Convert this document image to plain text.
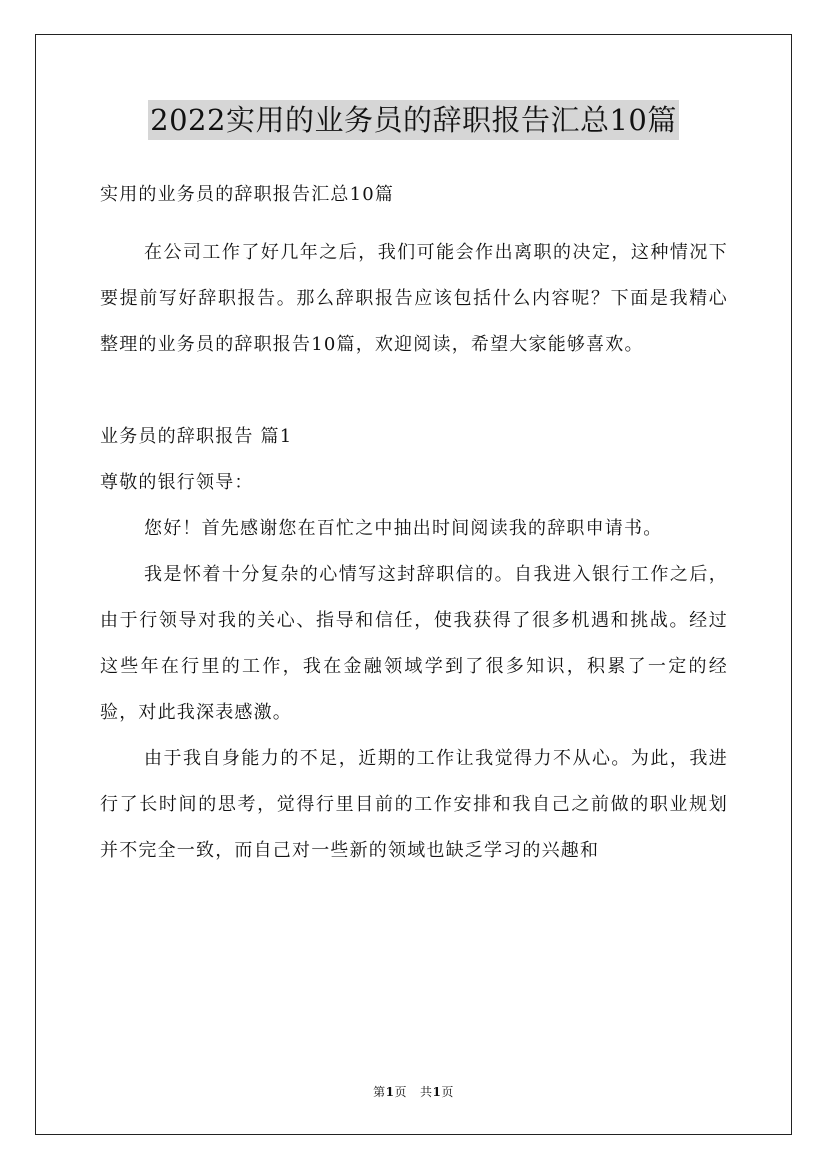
2022实用的业务员的辞职报告汇总10篇

实用的业务员的辞职报告汇总10篇

在公司工作了好几年之后，我们可能会作出离职的决定，这种情况下要提前写好辞职报告。那么辞职报告应该包括什么内容呢？下面是我精心整理的业务员的辞职报告10篇，欢迎阅读，希望大家能够喜欢。

业务员的辞职报告 篇1

尊敬的银行领导：

您好！首先感谢您在百忙之中抽出时间阅读我的辞职申请书。

我是怀着十分复杂的心情写这封辞职信的。自我进入银行工作之后，由于行领导对我的关心、指导和信任，使我获得了很多机遇和挑战。经过这些年在行里的工作，我在金融领域学到了很多知识，积累了一定的经验，对此我深表感激。

由于我自身能力的不足，近期的工作让我觉得力不从心。为此，我进行了长时间的思考，觉得行里目前的工作安排和我自己之前做的职业规划并不完全一致，而自己对一些新的领域也缺乏学习的兴趣和

第1页 共1页
